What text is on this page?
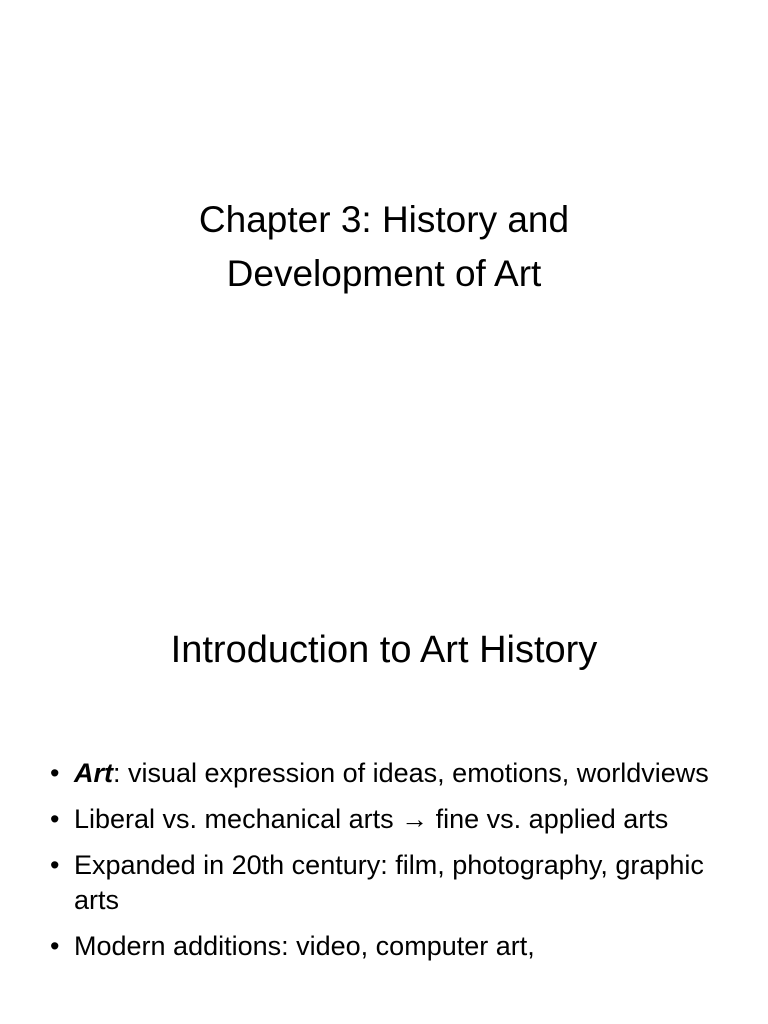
Chapter 3: History and
Development of Art
Introduction to Art History
• Art: visual expression of ideas, emotions, worldviews
• Liberal vs. mechanical arts → fine vs. applied arts
• Expanded in 20th century: film, photography, graphic arts
• Modern additions: video, computer art,
